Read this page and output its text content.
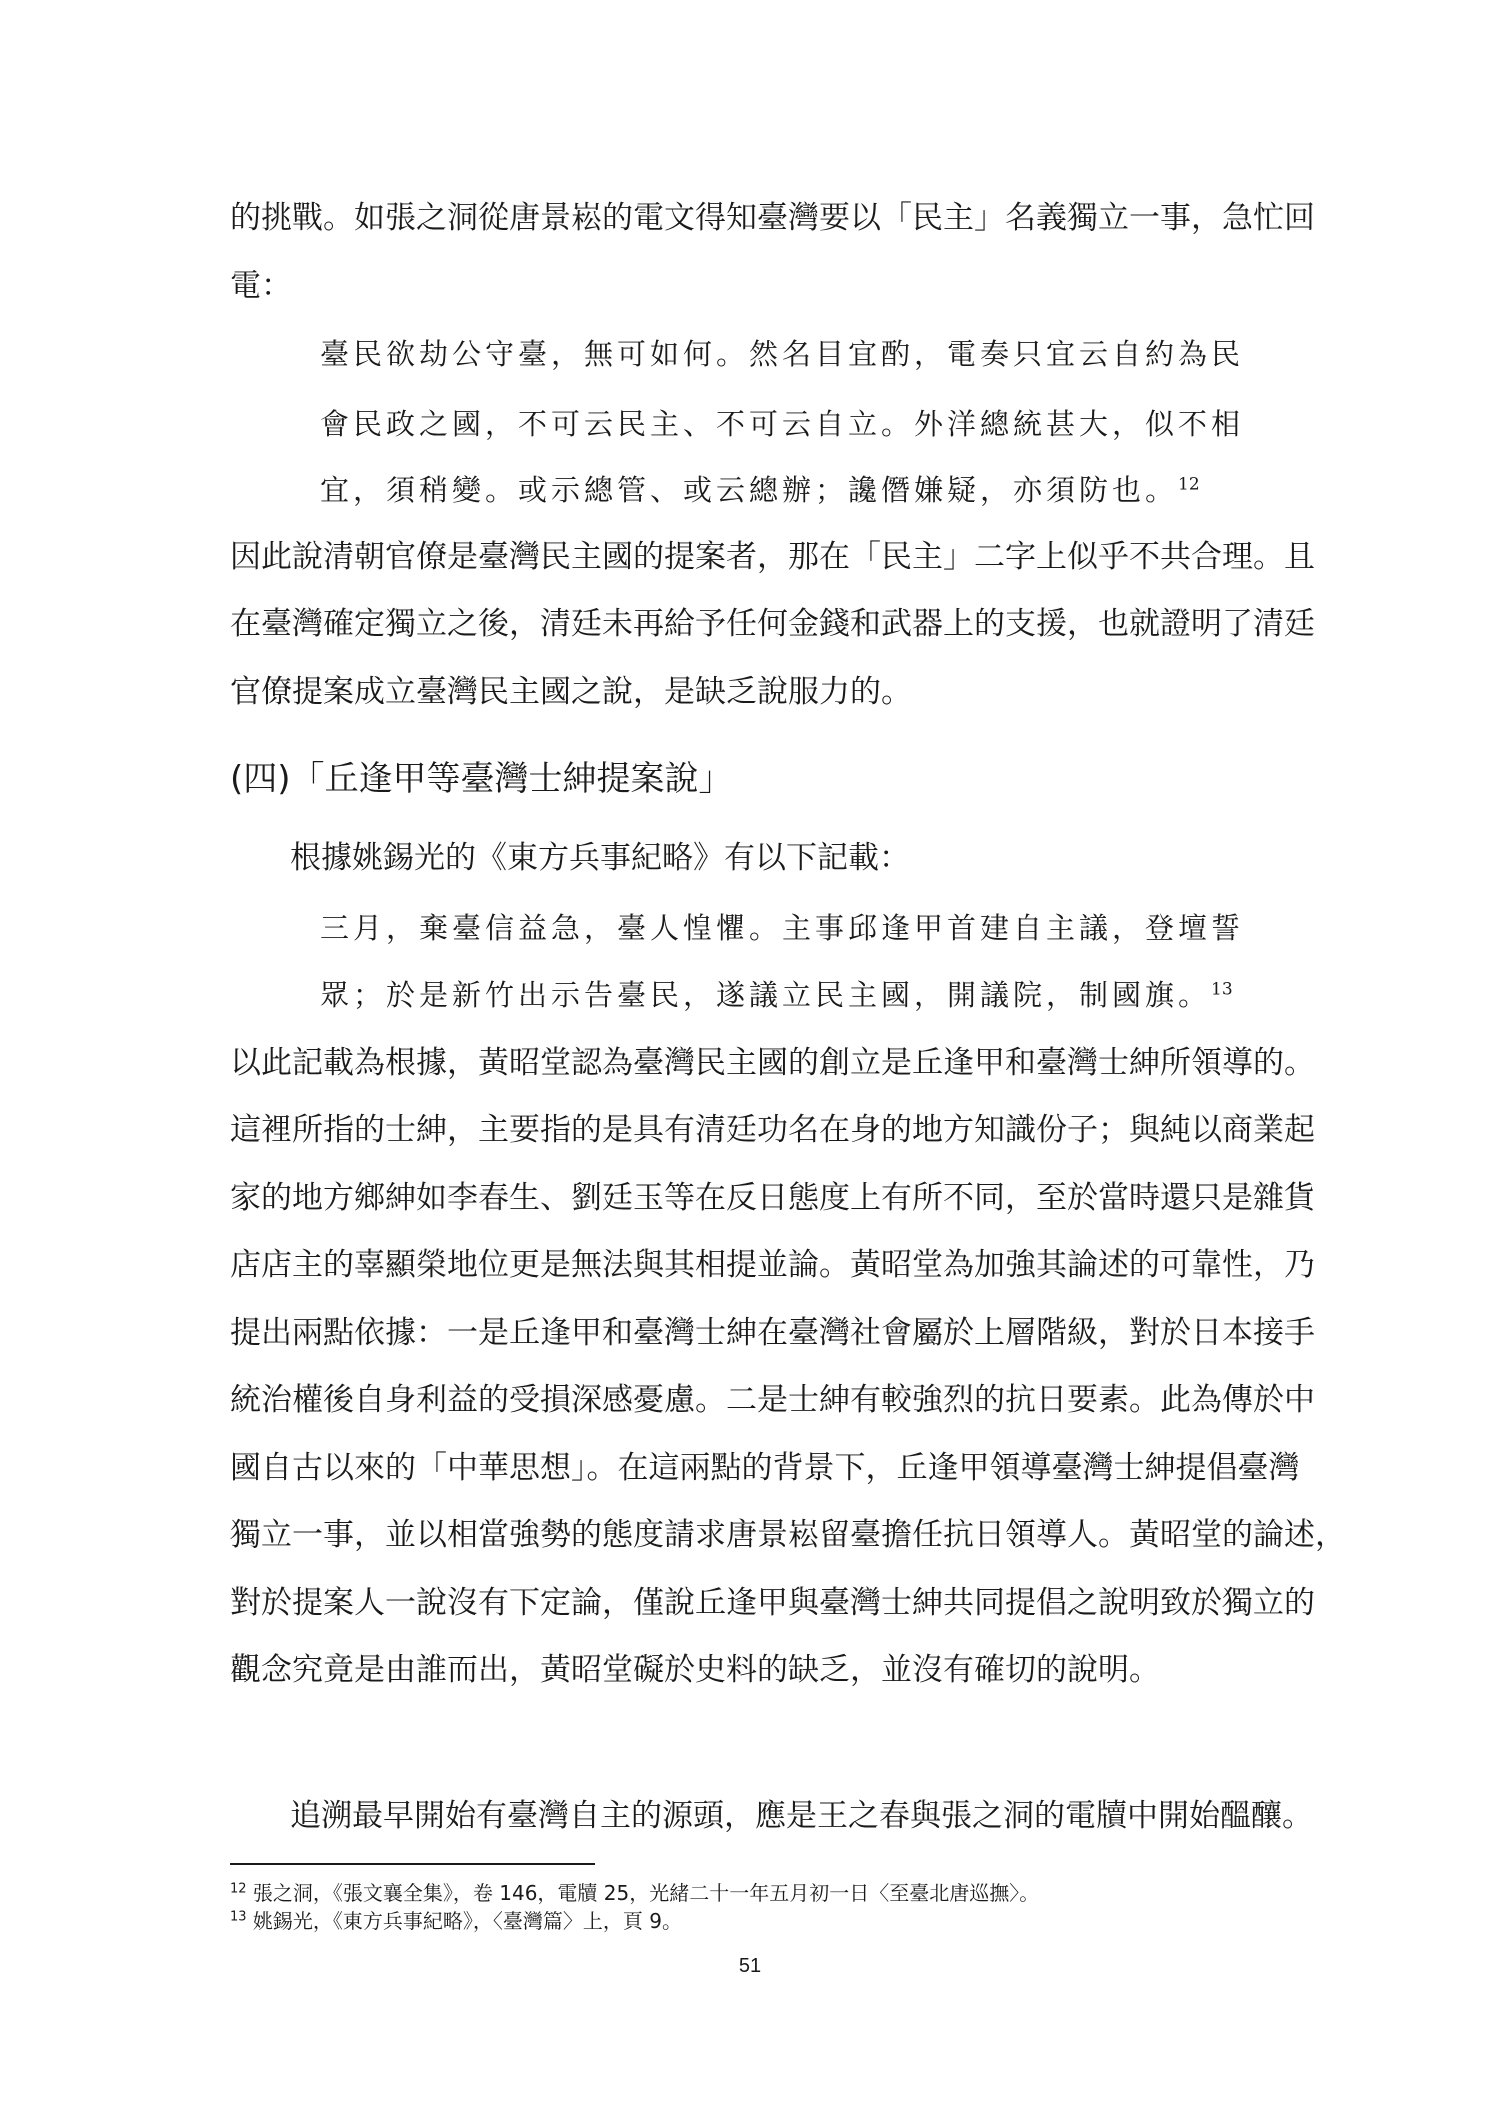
的挑戰。如張之洞從唐景崧的電文得知臺灣要以「民主」名義獨立一事，急忙回
電：
臺民欲劫公守臺，無可如何。然名目宜酌，電奏只宜云自約為民
會民政之國，不可云民主、不可云自立。外洋總統甚大，似不相
宜，須稍變。或示總管、或云總辦；讒僭嫌疑，亦須防也。$^{12}$
因此說清朝官僚是臺灣民主國的提案者，那在「民主」二字上似乎不共合理。且
在臺灣確定獨立之後，清廷未再給予任何金錢和武器上的支援，也就證明了清廷
官僚提案成立臺灣民主國之說，是缺乏說服力的。
(四)「丘逢甲等臺灣士紳提案說」
根據姚錫光的《東方兵事紀略》有以下記載：
三月，棄臺信益急，臺人惶懼。主事邱逢甲首建自主議，登壇誓
眾；於是新竹出示告臺民，遂議立民主國，開議院，制國旗。$^{13}$
以此記載為根據，黃昭堂認為臺灣民主國的創立是丘逢甲和臺灣士紳所領導的。
這裡所指的士紳，主要指的是具有清廷功名在身的地方知識份子；與純以商業起
家的地方鄉紳如李春生、劉廷玉等在反日態度上有所不同，至於當時還只是雜貨
店店主的辜顯榮地位更是無法與其相提並論。黃昭堂為加強其論述的可靠性，乃
提出兩點依據：一是丘逢甲和臺灣士紳在臺灣社會屬於上層階級，對於日本接手
統治權後自身利益的受損深感憂慮。二是士紳有較強烈的抗日要素。此為傳於中
國自古以來的「中華思想」。在這兩點的背景下，丘逢甲領導臺灣士紳提倡臺灣
獨立一事，並以相當強勢的態度請求唐景崧留臺擔任抗日領導人。黃昭堂的論述，
對於提案人一說沒有下定論，僅說丘逢甲與臺灣士紳共同提倡之說明致於獨立的
觀念究竟是由誰而出，黃昭堂礙於史料的缺乏，並沒有確切的說明。
追溯最早開始有臺灣自主的源頭，應是王之春與張之洞的電牘中開始醞釀。
$^{12}$ 張之洞，《張文襄全集》，卷 146，電牘 25，光緒二十一年五月初一日〈至臺北唐巡撫〉。
$^{13}$ 姚錫光，《東方兵事紀略》，〈臺灣篇〉上，頁 9。
51
